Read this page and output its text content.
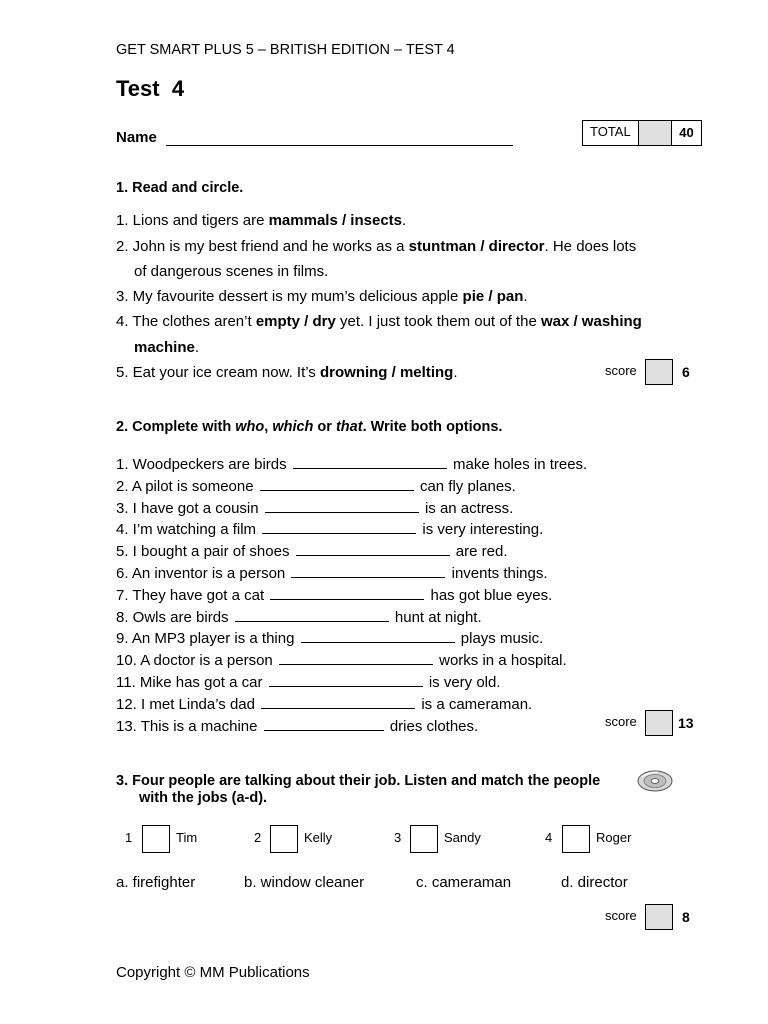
GET SMART PLUS 5 – BRITISH EDITION – TEST 4
Test  4
Name	TOTAL	40
1. Read and circle.
1. Lions and tigers are mammals / insects.
2. John is my best friend and he works as a stuntman / director. He does lots
of dangerous scenes in films.
3. My favourite dessert is my mum’s delicious apple pie / pan.
4. The clothes aren’t empty / dry yet. I just took them out of the wax / washing
machine.
5. Eat your ice cream now. It’s drowning / melting.	score	6
2. Complete with who, which or that. Write both options.
1. Woodpeckers are birds	make holes in trees.
2. A pilot is someone	can fly planes.
3. I have got a cousin	is an actress.
4. I’m watching a film	is very interesting.
5. I bought a pair of shoes	are red.
6. An inventor is a person	invents things.
7. They have got a cat	has got blue eyes.
8. Owls are birds	hunt at night.
9. An MP3 player is a thing	plays music.
10. A doctor is a person	works in a hospital.
11. Mike has got a car	is very old.
12. I met Linda’s dad	is a cameraman.
13. This is a machine	dries clothes.	score	13
3. Four people are talking about their job. Listen and match the people
with the jobs (a-d).
1	Tim	2	Kelly	3	Sandy	4	Roger
a. firefighter	b. window cleaner	c. cameraman	d. director
score	8
Copyright © MM Publications
